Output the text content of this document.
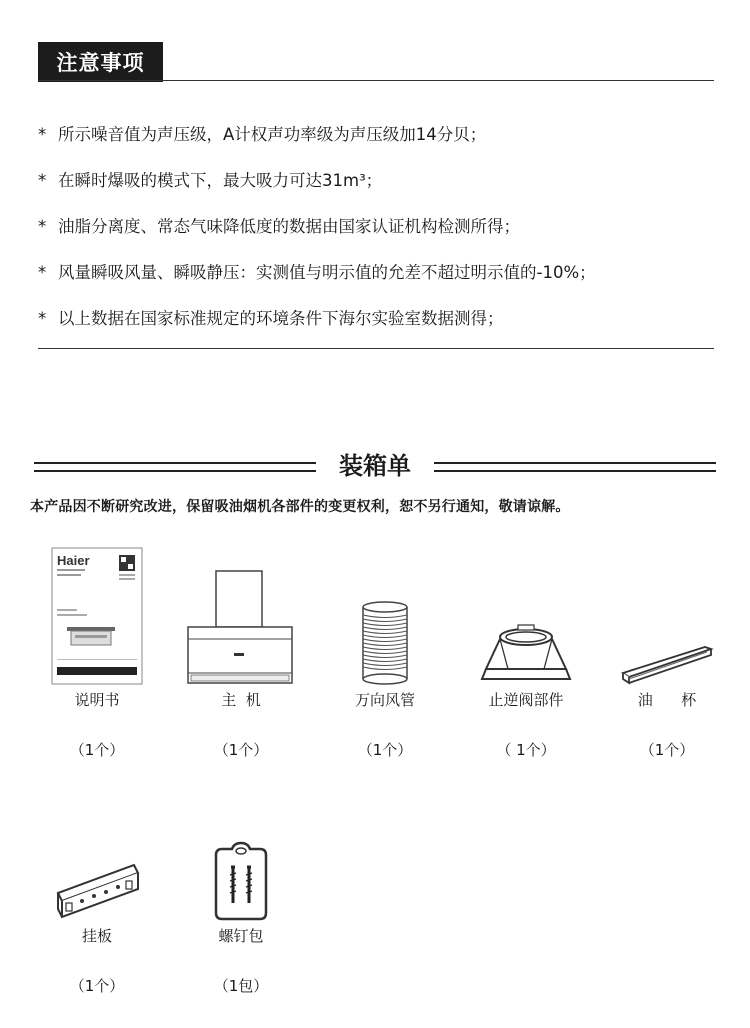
注意事项
* 所示噪音值为声压级，A计权声功率级为声压级加14分贝；
* 在瞬时爆吸的模式下，最大吸力可达31m³；
* 油脂分离度、常态气味降低度的数据由国家认证机构检测所得；
* 风量瞬吸风量、瞬吸静压：实测值与明示值的允差不超过明示值的-10%；
* 以上数据在国家标准规定的环境条件下海尔实验室数据测得；
装箱单
本产品因不断研究改进，保留吸油烟机各部件的变更权利，恕不另行通知，敬请谅解。
Haier
说明书
（1个）
主  机
（1个）
万向风管
（1个）
止逆阀部件
（ 1个）
油      杯
（1个）
挂板
（1个）
螺钉包
（1包）
